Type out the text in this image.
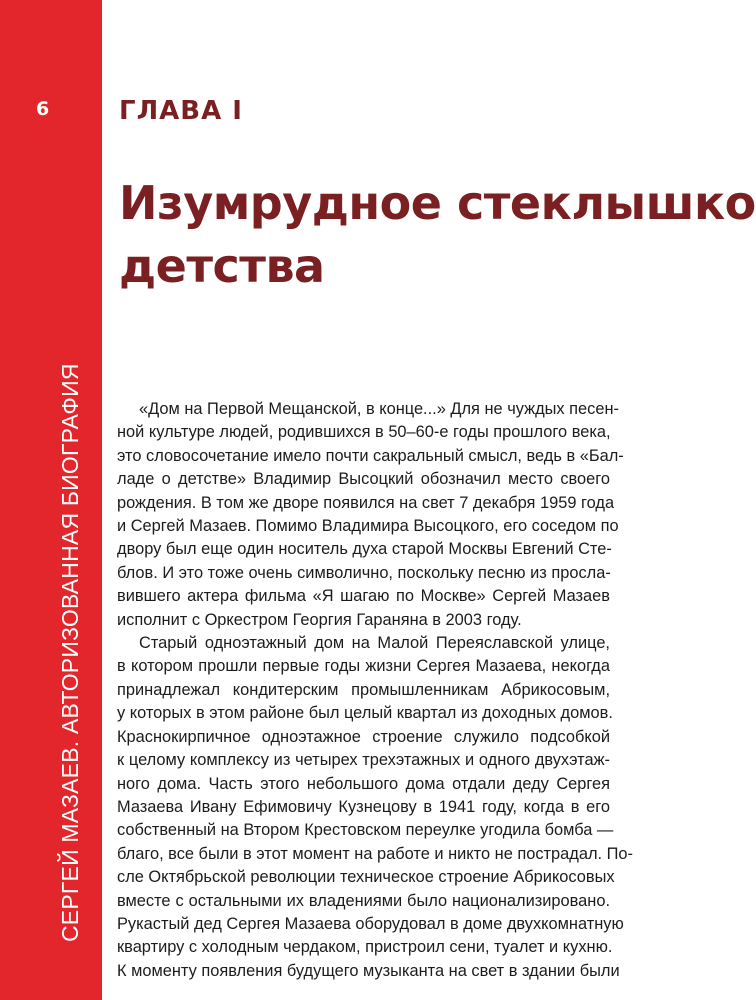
6
СЕРГЕЙ МАЗАЕВ. АВТОРИЗОВАННАЯ БИОГРАФИЯ
ГЛАВА I
Изумрудное стеклышко
детства
«Дом на Первой Мещанской, в конце...» Для не чуждых песен-
ной культуре людей, родившихся в 50–60-е годы прошлого века,
это словосочетание имело почти сакральный смысл, ведь в «Бал-
ладе о детстве» Владимир Высоцкий обозначил место своего
рождения. В том же дворе появился на свет 7 декабря 1959 года
и Сергей Мазаев. Помимо Владимира Высоцкого, его соседом по
двору был еще один носитель духа старой Москвы Евгений Сте-
блов. И это тоже очень символично, поскольку песню из просла-
вившего актера фильма «Я шагаю по Москве» Сергей Мазаев
исполнит с Оркестром Георгия Гараняна в 2003 году.
Старый одноэтажный дом на Малой Переяславской улице,
в котором прошли первые годы жизни Сергея Мазаева, некогда
принадлежал кондитерским промышленникам Абрикосовым,
у которых в этом районе был целый квартал из доходных домов.
Краснокирпичное одноэтажное строение служило подсобкой
к целому комплексу из четырех трехэтажных и одного двухэтаж-
ного дома. Часть этого небольшого дома отдали деду Сергея
Мазаева Ивану Ефимовичу Кузнецову в 1941 году, когда в его
собственный на Втором Крестовском переулке угодила бомба —
благо, все были в этот момент на работе и никто не пострадал. По-
сле Октябрьской революции техническое строение Абрикосовых
вместе с остальными их владениями было национализировано.
Рукастый дед Сергея Мазаева оборудовал в доме двухкомнатную
квартиру с холодным чердаком, пристроил сени, туалет и кухню.
К моменту появления будущего музыканта на свет в здании были
